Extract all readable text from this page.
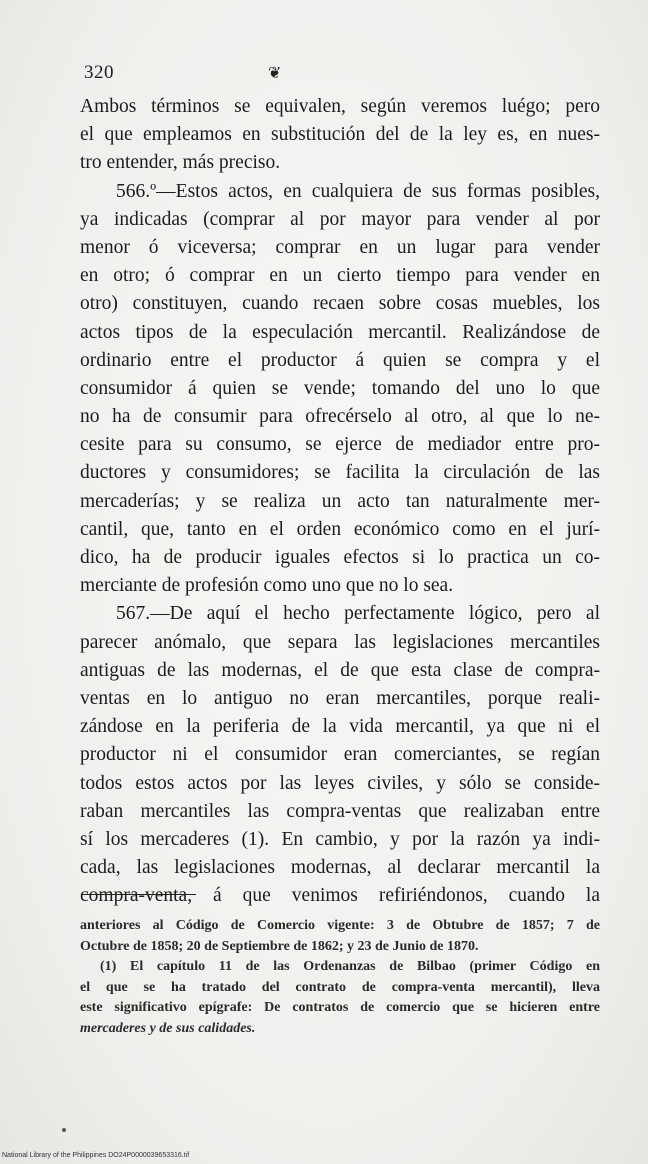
320	❦
Ambos términos se equivalen, según veremos luégo; pero
el que empleamos en substitución del de la ley es, en nues-
tro entender, más preciso.
566.º—Estos actos, en cualquiera de sus formas posibles,
ya indicadas (comprar al por mayor para vender al por
menor ó viceversa; comprar en un lugar para vender
en otro; ó comprar en un cierto tiempo para vender en
otro) constituyen, cuando recaen sobre cosas muebles, los
actos tipos de la especulación mercantil. Realizándose de
ordinario entre el productor á quien se compra y el
consumidor á quien se vende; tomando del uno lo que
no ha de consumir para ofrecérselo al otro, al que lo ne-
cesite para su consumo, se ejerce de mediador entre pro-
ductores y consumidores; se facilita la circulación de las
mercaderías; y se realiza un acto tan naturalmente mer-
cantil, que, tanto en el orden económico como en el jurí-
dico, ha de producir iguales efectos si lo practica un co-
merciante de profesión como uno que no lo sea.
567.—De aquí el hecho perfectamente lógico, pero al
parecer anómalo, que separa las legislaciones mercantiles
antiguas de las modernas, el de que esta clase de compra-
ventas en lo antiguo no eran mercantiles, porque reali-
zándose en la periferia de la vida mercantil, ya que ni el
productor ni el consumidor eran comerciantes, se regían
todos estos actos por las leyes civiles, y sólo se conside-
raban mercantiles las compra-ventas que realizaban entre
sí los mercaderes (1). En cambio, y por la razón ya indi-
cada, las legislaciones modernas, al declarar mercantil la
compra-venta, á que venimos refiriéndonos, cuando la
anteriores al Código de Comercio vigente: 3 de Obtubre de 1857; 7 de
Octubre de 1858; 20 de Septiembre de 1862; y 23 de Junio de 1870.
(1) El capítulo 11 de las Ordenanzas de Bilbao (primer Código en
el que se ha tratado del contrato de compra-venta mercantil), lleva
este significativo epígrafe: De contratos de comercio que se hicieren entre
mercaderes y de sus calidades.
National Library of the Philippines DO24P0000039653316.tif
